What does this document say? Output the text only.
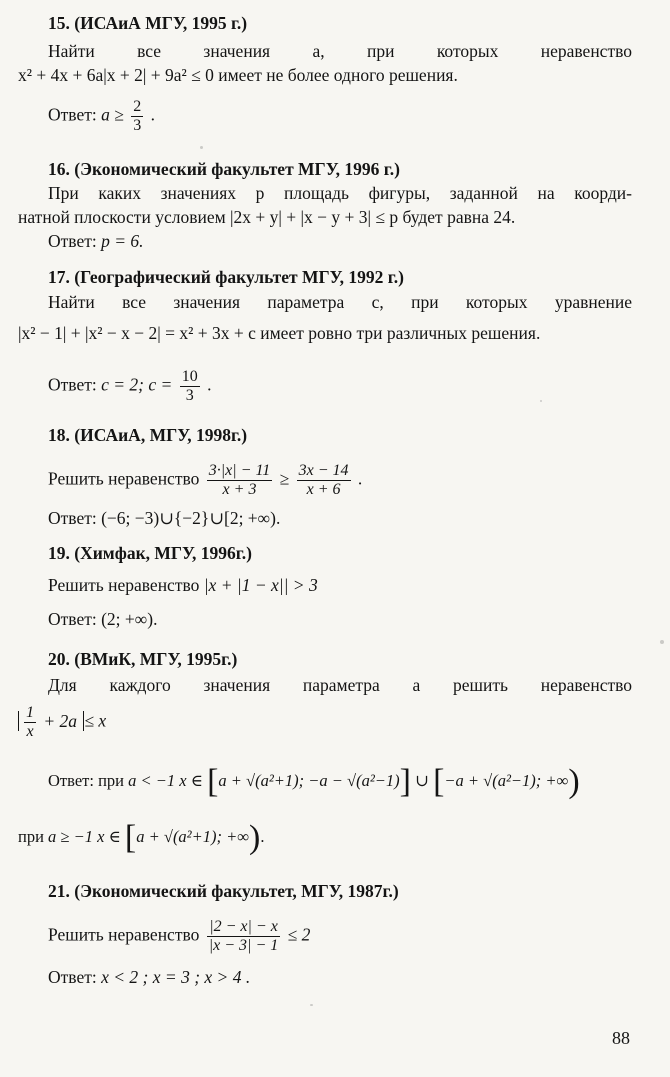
15. (ИСАиА МГУ, 1995 г.)
Найти все значения a, при которых неравенство
x² + 4x + 6a|x + 2| + 9a² ≤ 0 имеет не более одного решения.
Ответ: $a \ge \frac{2}{3}$ .
16. (Экономический факультет МГУ, 1996 г.)
При каких значениях p площадь фигуры, заданной на коорди-
натной плоскости условием |2x + y| + |x − y + 3| ≤ p будет равна 24.
Ответ: p = 6.
17. (Географический факультет МГУ, 1992 г.)
Найти все значения параметра c, при которых уравнение
|x² − 1| + |x² − x − 2| = x² + 3x + c имеет ровно три различных решения.
Ответ: c = 2; $c = \frac{10}{3}$ .
18. (ИСАиА, МГУ, 1998г.)
Решить неравенство $\frac{3\cdot|x| - 11}{x + 3} \ge \frac{3x - 14}{x + 6}$ .
Ответ: (−6; −3)∪{−2}∪[2; +∞).
19. (Химфак, МГУ, 1996г.)
Решить неравенство |x + |1 − x|| > 3
Ответ: (2; +∞).
20. (ВМиК, МГУ, 1995г.)
Для каждого значения параметра a решить неравенство
$\frac{1}{x} + 2a \le x$
Ответ: при a < −1 x ∈ [a + √(a²+1); −a − √(a²−1)] ∪ [−a + √(a²−1); +∞)
при a ≥ −1 x ∈ [a + √(a²+1); +∞).
21. (Экономический факультет, МГУ, 1987г.)
Решить неравенство $\frac{|2 - x| - x}{|x - 3| - 1} \le 2$
Ответ: x < 2 ; x = 3 ; x > 4 .
88
